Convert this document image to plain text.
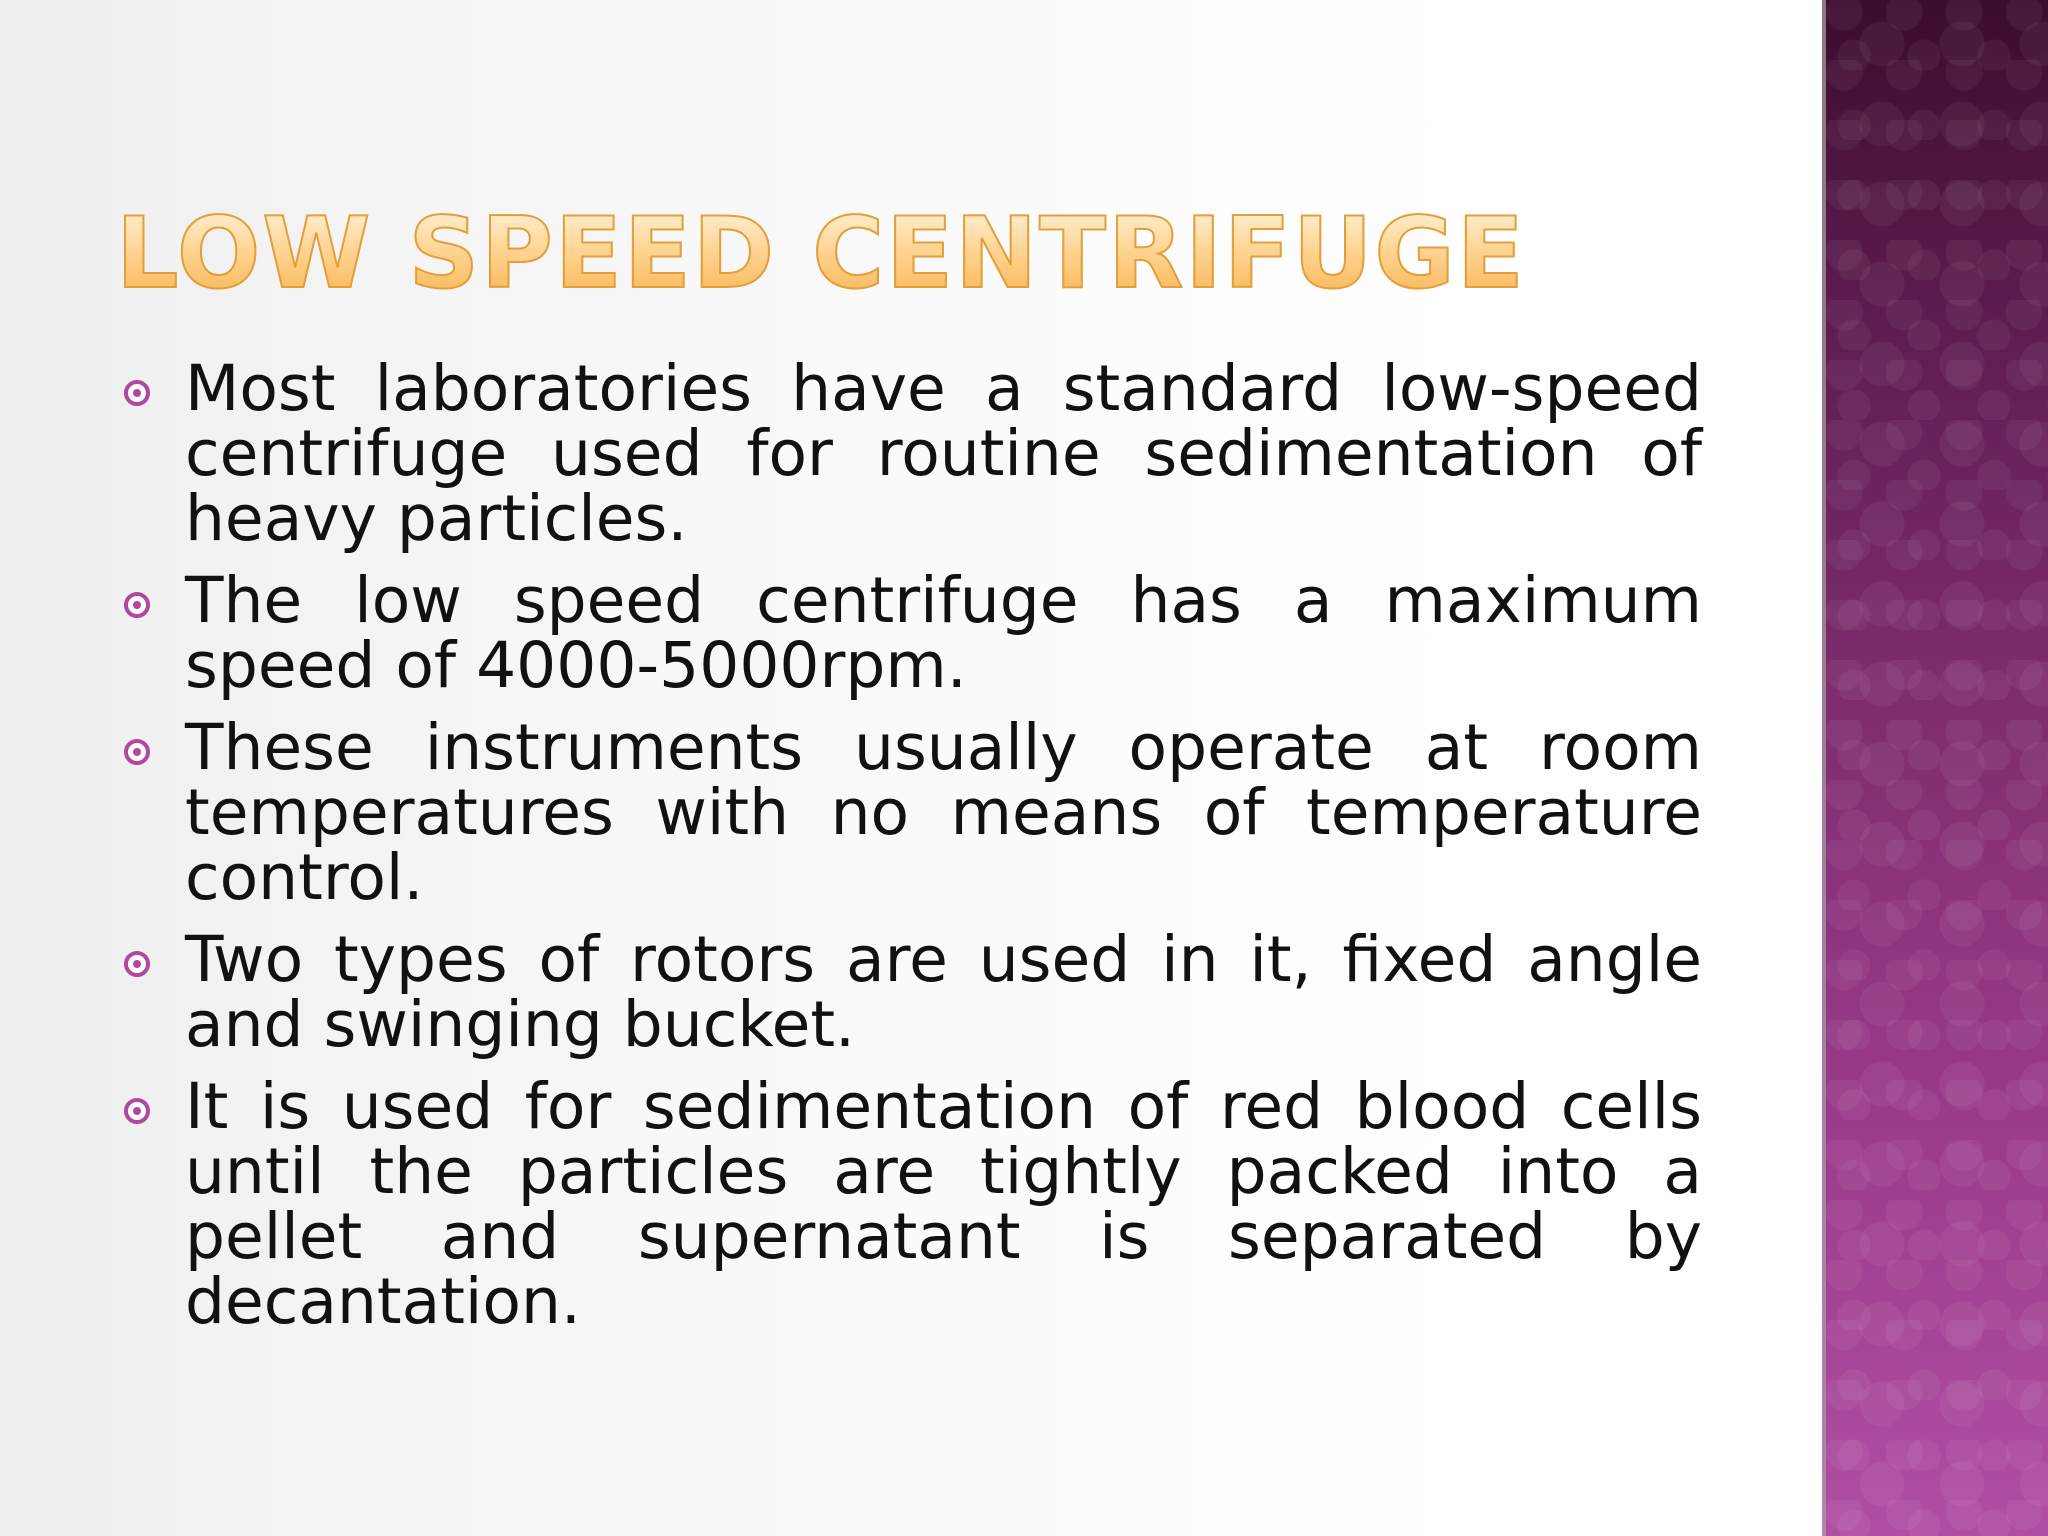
LOW SPEED CENTRIFUGE
Most laboratories have a standard low-speed centrifuge used for routine sedimentation of heavy particles.
The low speed centrifuge has a maximum speed of 4000-5000rpm.
These instruments usually operate at room temperatures with no means of temperature control.
Two types of rotors are used in it, fixed angle and swinging bucket.
It is used for sedimentation of red blood cells until the particles are tightly packed into a pellet and supernatant is separated by decantation.
